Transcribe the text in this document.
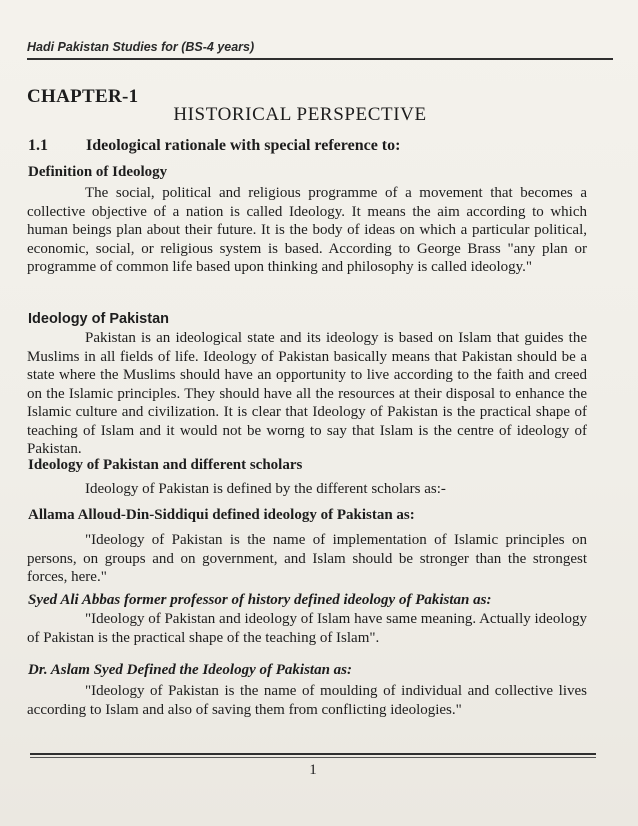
Hadi Pakistan Studies for (BS-4 years)
CHAPTER-1
HISTORICAL PERSPECTIVE
1.1 Ideological rationale with special reference to:
Definition of Ideology
The social, political and religious programme of a movement that becomes a collective objective of a nation is called Ideology. It means the aim according to which human beings plan about their future. It is the body of ideas on which a particular political, economic, social, or religious system is based. According to George Brass "any plan or programme of common life based upon thinking and philosophy is called ideology."
Ideology of Pakistan
Pakistan is an ideological state and its ideology is based on Islam that guides the Muslims in all fields of life. Ideology of Pakistan basically means that Pakistan should be a state where the Muslims should have an opportunity to live according to the faith and creed on the Islamic principles. They should have all the resources at their disposal to enhance the Islamic culture and civilization. It is clear that Ideology of Pakistan is the practical shape of teaching of Islam and it would not be worng to say that Islam is the centre of ideology of Pakistan.
Ideology of Pakistan and different scholars
Ideology of Pakistan is defined by the different scholars as:-
Allama Alloud-Din-Siddiqui defined ideology of Pakistan as:
"Ideology of Pakistan is the name of implementation of Islamic principles on persons, on groups and on government, and Islam should be stronger than the strongest forces, here."
Syed Ali Abbas former professor of history defined ideology of Pakistan as:
"Ideology of Pakistan and ideology of Islam have same meaning. Actually ideology of Pakistan is the practical shape of the teaching of Islam".
Dr. Aslam Syed Defined the Ideology of Pakistan as:
"Ideology of Pakistan is the name of moulding of individual and collective lives according to Islam and also of saving them from conflicting ideologies."
1
